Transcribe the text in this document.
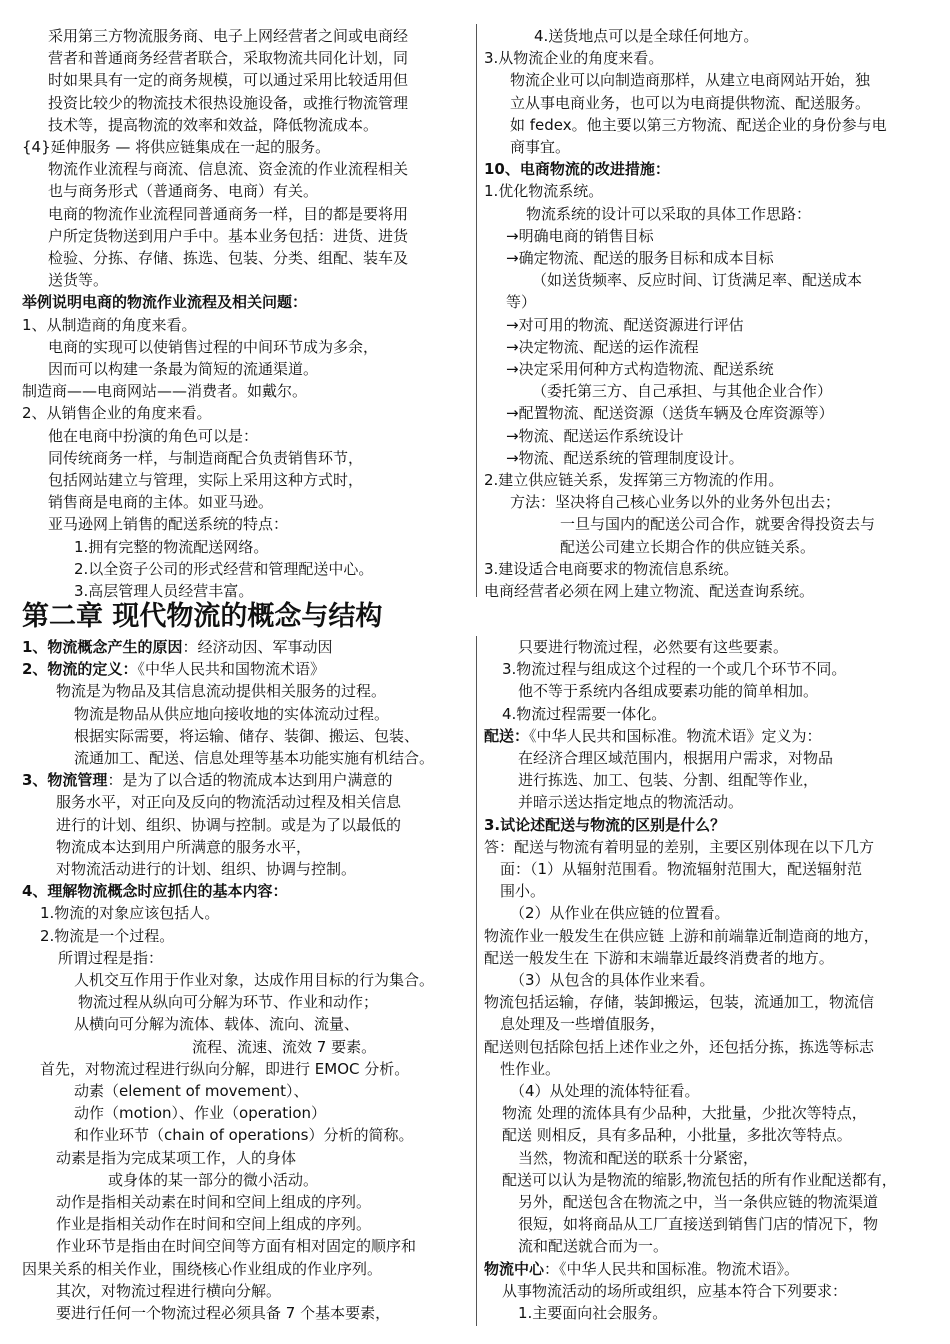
采用第三方物流服务商、电子上网经营者之间或电商经
营者和普通商务经营者联合，采取物流共同化计划，同
时如果具有一定的商务规模，可以通过采用比较适用但
投资比较少的物流技术很热设施设备，或推行物流管理
技术等，提高物流的效率和效益，降低物流成本。
{4}延伸服务 — 将供应链集成在一起的服务。
物流作业流程与商流、信息流、资金流的作业流程相关
也与商务形式（普通商务、电商）有关。
电商的物流作业流程同普通商务一样，目的都是要将用
户所定货物送到用户手中。基本业务包括：进货、进货
检验、分拣、存储、拣选、包装、分类、组配、装车及
送货等。
举例说明电商的物流作业流程及相关问题：
1、从制造商的角度来看。
电商的实现可以使销售过程的中间环节成为多余，
因而可以构建一条最为简短的流通渠道。
制造商——电商网站——消费者。如戴尔。
2、从销售企业的角度来看。
他在电商中扮演的角色可以是：
同传统商务一样，与制造商配合负责销售环节，
包括网站建立与管理，实际上采用这种方式时，
销售商是电商的主体。如亚马逊。
亚马逊网上销售的配送系统的特点：
1.拥有完整的物流配送网络。
2.以全资子公司的形式经营和管理配送中心。
3.高层管理人员经营丰富。
4.送货地点可以是全球任何地方。
3.从物流企业的角度来看。
物流企业可以向制造商那样，从建立电商网站开始，独
立从事电商业务，也可以为电商提供物流、配送服务。
如 fedex。他主要以第三方物流、配送企业的身份参与电
商事宜。
10、电商物流的改进措施：
1.优化物流系统。
物流系统的设计可以采取的具体工作思路：
→明确电商的销售目标
→确定物流、配送的服务目标和成本目标
（如送货频率、反应时间、订货满足率、配送成本
等）
→对可用的物流、配送资源进行评估
→决定物流、配送的运作流程
→决定采用何种方式构造物流、配送系统
（委托第三方、自己承担、与其他企业合作）
→配置物流、配送资源（送货车辆及仓库资源等）
→物流、配送运作系统设计
→物流、配送系统的管理制度设计。
2.建立供应链关系，发挥第三方物流的作用。
方法：坚决将自己核心业务以外的业务外包出去；
一旦与国内的配送公司合作，就要舍得投资去与
配送公司建立长期合作的供应链关系。
3.建设适合电商要求的物流信息系统。
电商经营者必须在网上建立物流、配送查询系统。
第二章 现代物流的概念与结构
1、物流概念产生的原因：经济动因、军事动因
2、物流的定义：《中华人民共和国物流术语》
物流是为物品及其信息流动提供相关服务的过程。
物流是物品从供应地向接收地的实体流动过程。
根据实际需要，将运输、储存、装御、搬运、包装、
流通加工、配送、信息处理等基本功能实施有机结合。
3、物流管理：是为了以合适的物流成本达到用户满意的
服务水平，对正向及反向的物流活动过程及相关信息
进行的计划、组织、协调与控制。或是为了以最低的
物流成本达到用户所满意的服务水平，
对物流活动进行的计划、组织、协调与控制。
4、理解物流概念时应抓住的基本内容：
1.物流的对象应该包括人。
2.物流是一个过程。
所谓过程是指：
人机交互作用于作业对象，达成作用目标的行为集合。
物流过程从纵向可分解为环节、作业和动作；
从横向可分解为流体、载体、流向、流量、
流程、流速、流效 7 要素。
首先，对物流过程进行纵向分解，即进行 EMOC 分析。
动素（element of movement）、
动作（motion）、作业（operation）
和作业环节（chain of operations）分析的简称。
动素是指为完成某项工作，人的身体
或身体的某一部分的微小活动。
动作是指相关动素在时间和空间上组成的序列。
作业是指相关动作在时间和空间上组成的序列。
作业环节是指由在时间空间等方面有相对固定的顺序和
因果关系的相关作业，围绕核心作业组成的作业序列。
其次，对物流过程进行横向分解。
要进行任何一个物流过程必须具备 7 个基本要素，
只要进行物流过程，必然要有这些要素。
3.物流过程与组成这个过程的一个或几个环节不同。
他不等于系统内各组成要素功能的简单相加。
4.物流过程需要一体化。
配送：《中华人民共和国标准。物流术语》定义为：
在经济合理区域范围内，根据用户需求，对物品
进行拣选、加工、包装、分割、组配等作业，
并暗示送达指定地点的物流活动。
3.试论述配送与物流的区别是什么？
答：配送与物流有着明显的差别，主要区别体现在以下几方
面：（1）从辐射范围看。物流辐射范围大，配送辐射范
围小。
（2）从作业在供应链的位置看。
物流作业一般发生在供应链 上游和前端靠近制造商的地方，
配送一般发生在 下游和末端靠近最终消费者的地方。
（3）从包含的具体作业来看。
物流包括运输，存储，装卸搬运，包装，流通加工，物流信
息处理及一些增值服务，
配送则包括除包括上述作业之外，还包括分拣，拣选等标志
性作业。
（4）从处理的流体特征看。
物流 处理的流体具有少品种，大批量，少批次等特点，
配送 则相反，具有多品种，小批量，多批次等特点。
当然，物流和配送的联系十分紧密，
配送可以认为是物流的缩影,物流包括的所有作业配送都有，
另外，配送包含在物流之中，当一条供应链的物流渠道
很短，如将商品从工厂直接送到销售门店的情况下，物
流和配送就合而为一。
物流中心：《中华人民共和国标准。物流术语》。
从事物流活动的场所或组织，应基本符合下列要求：
1.主要面向社会服务。
